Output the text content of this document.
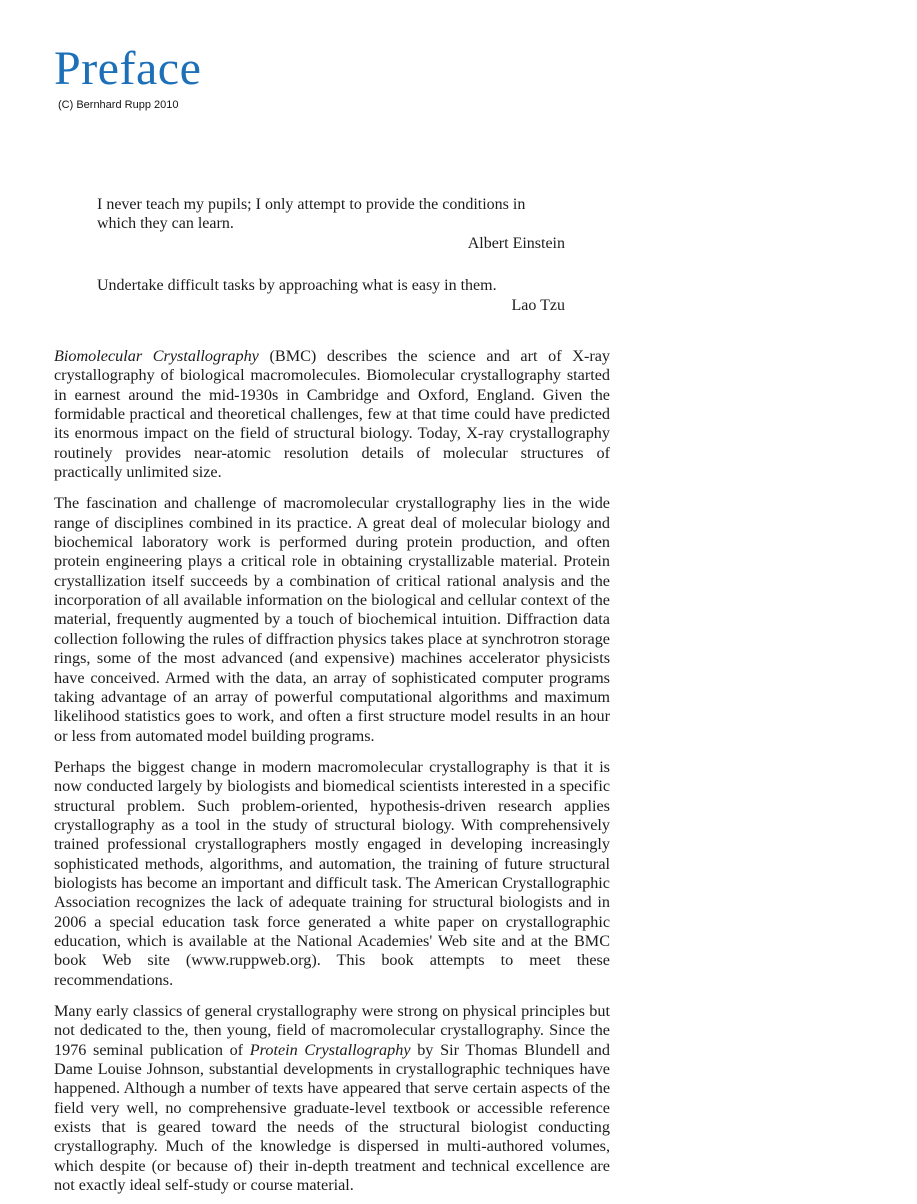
Preface
(C) Bernhard Rupp 2010
I never teach my pupils; I only attempt to provide the conditions in which they can learn.
Albert Einstein
Undertake difficult tasks by approaching what is easy in them.
Lao Tzu

Biomolecular Crystallography (BMC) describes the science and art of X-ray crystallography of biological macromolecules. Biomolecular crystallography started in earnest around the mid-1930s in Cambridge and Oxford, England. Given the formidable practical and theoretical challenges, few at that time could have predicted its enormous impact on the field of structural biology. Today, X-ray crystallography routinely provides near-atomic resolution details of molecular structures of practically unlimited size.

The fascination and challenge of macromolecular crystallography lies in the wide range of disciplines combined in its practice. A great deal of molecular biology and biochemical laboratory work is performed during protein production, and often protein engineering plays a critical role in obtaining crystallizable material. Protein crystallization itself succeeds by a combination of critical rational analysis and the incorporation of all available information on the biological and cellular context of the material, frequently augmented by a touch of biochemical intuition. Diffraction data collection following the rules of diffraction physics takes place at synchrotron storage rings, some of the most advanced (and expensive) machines accelerator physicists have conceived. Armed with the data, an array of sophisticated computer programs taking advantage of an array of powerful computational algorithms and maximum likelihood statistics goes to work, and often a first structure model results in an hour or less from automated model building programs.

Perhaps the biggest change in modern macromolecular crystallography is that it is now conducted largely by biologists and biomedical scientists interested in a specific structural problem. Such problem-oriented, hypothesis-driven research applies crystallography as a tool in the study of structural biology. With comprehensively trained professional crystallographers mostly engaged in developing increasingly sophisticated methods, algorithms, and automation, the training of future structural biologists has become an important and difficult task. The American Crystallographic Association recognizes the lack of adequate training for structural biologists and in 2006 a special education task force generated a white paper on crystallographic education, which is available at the National Academies' Web site and at the BMC book Web site (www.ruppweb.org). This book attempts to meet these recommendations.

Many early classics of general crystallography were strong on physical principles but not dedicated to the, then young, field of macromolecular crystallography. Since the 1976 seminal publication of Protein Crystallography by Sir Thomas Blundell and Dame Louise Johnson, substantial developments in crystallographic techniques have happened. Although a number of texts have appeared that serve certain aspects of the field very well, no comprehensive graduate-level textbook or accessible reference exists that is geared toward the needs of the structural biologist conducting crystallography. Much of the knowledge is dispersed in multi-authored volumes, which despite (or because of) their in-depth treatment and technical excellence are not exactly ideal self-study or course material.
